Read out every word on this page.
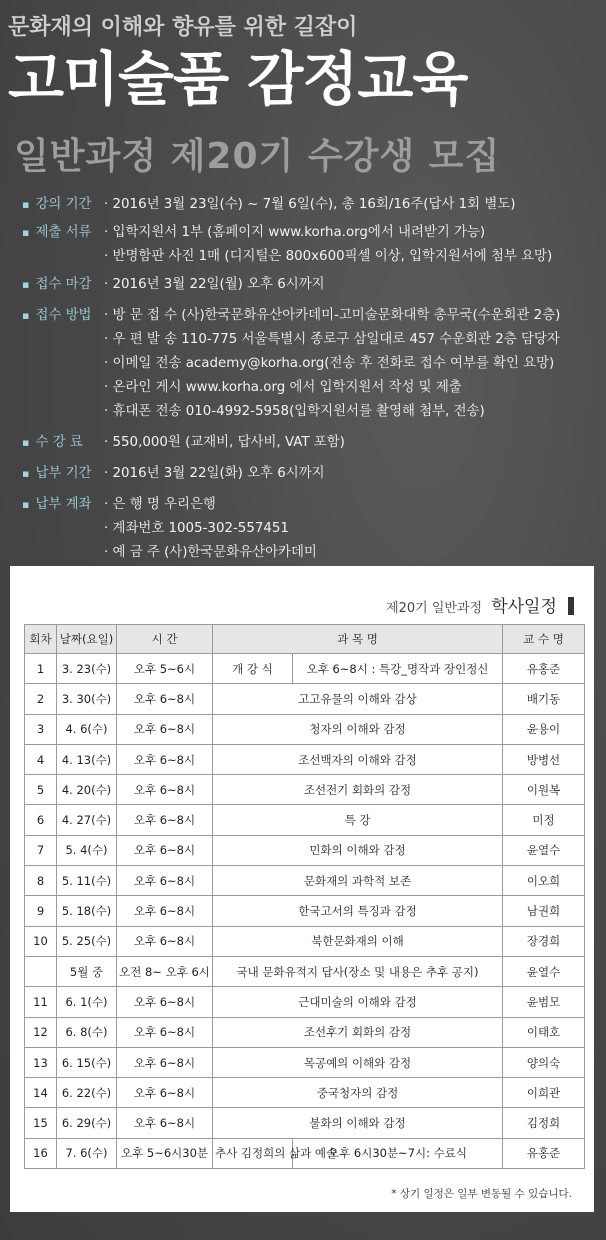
문화재의 이해와 향유를 위한 길잡이
고미술품 감정교육
일반과정 제20기 수강생 모집
▪ 강의 기간 · 2016년 3월 23일(수) ~ 7월 6일(수), 총 16회/16주(답사 1회 별도)
▪ 제출 서류 · 입학지원서 1부 (홈페이지 www.korha.org에서 내려받기 가능)
· 반명함판 사진 1매 (디지털은 800x600픽셀 이상, 입학지원서에 첨부 요망)
▪ 접수 마감 · 2016년 3월 22일(월) 오후 6시까지
▪ 접수 방법 · 방 문 접 수 (사)한국문화유산아카데미-고미술문화대학 총무국(수운회관 2층)
· 우 편 발 송 110-775 서울특별시 종로구 삼일대로 457 수운회관 2층 담당자
· 이메일 전송 academy@korha.org(전송 후 전화로 접수 여부를 확인 요망)
· 온라인 게시 www.korha.org 에서 입학지원서 작성 및 제출
· 휴대폰 전송 010-4992-5958(입학지원서를 촬영해 첨부, 전송)
▪ 수 강 료 · 550,000원 (교재비, 답사비, VAT 포함)
▪ 납부 기간 · 2016년 3월 22일(화) 오후 6시까지
▪ 납부 계좌 · 은 행 명 우리은행
· 계좌번호 1005-302-557451
· 예 금 주 (사)한국문화유산아카데미
제20기 일반과정 학사일정
회차	날짜(요일)	시 간	과 목 명		교 수 명
1	3. 23(수)	오후 5~6시	개 강 식	오후 6~8시 : 특강_명작과 장인정신	유홍준
2	3. 30(수)	오후 6~8시	고고유물의 이해와 감상		배기동
3	4. 6(수)	오후 6~8시	청자의 이해와 감정		윤용이
4	4. 13(수)	오후 6~8시	조선백자의 이해와 감정		방병선
5	4. 20(수)	오후 6~8시	조선전기 회화의 감정		이원복
6	4. 27(수)	오후 6~8시	특 강		미정
7	5. 4(수)	오후 6~8시	민화의 이해와 감정		윤열수
8	5. 11(수)	오후 6~8시	문화재의 과학적 보존		이오희
9	5. 18(수)	오후 6~8시	한국고서의 특징과 감정		남권희
10	5. 25(수)	오후 6~8시	북한문화재의 이해		장경희
	5월 중	오전 8~ 오후 6시	국내 문화유적지 답사(장소 및 내용은 추후 공지)		윤열수
11	6. 1(수)	오후 6~8시	근대미술의 이해와 감정		윤범모
12	6. 8(수)	오후 6~8시	조선후기 회화의 감정		이태호
13	6. 15(수)	오후 6~8시	목공예의 이해와 감정		양의숙
14	6. 22(수)	오후 6~8시	중국청자의 감정		이희관
15	6. 29(수)	오후 6~8시	불화의 이해와 감정		김정희
16	7. 6(수)	오후 5~6시30분	추사 김정희의 삶과 예술	오후 6시30분~7시: 수료식	유홍준
* 상기 일정은 일부 변동될 수 있습니다.
